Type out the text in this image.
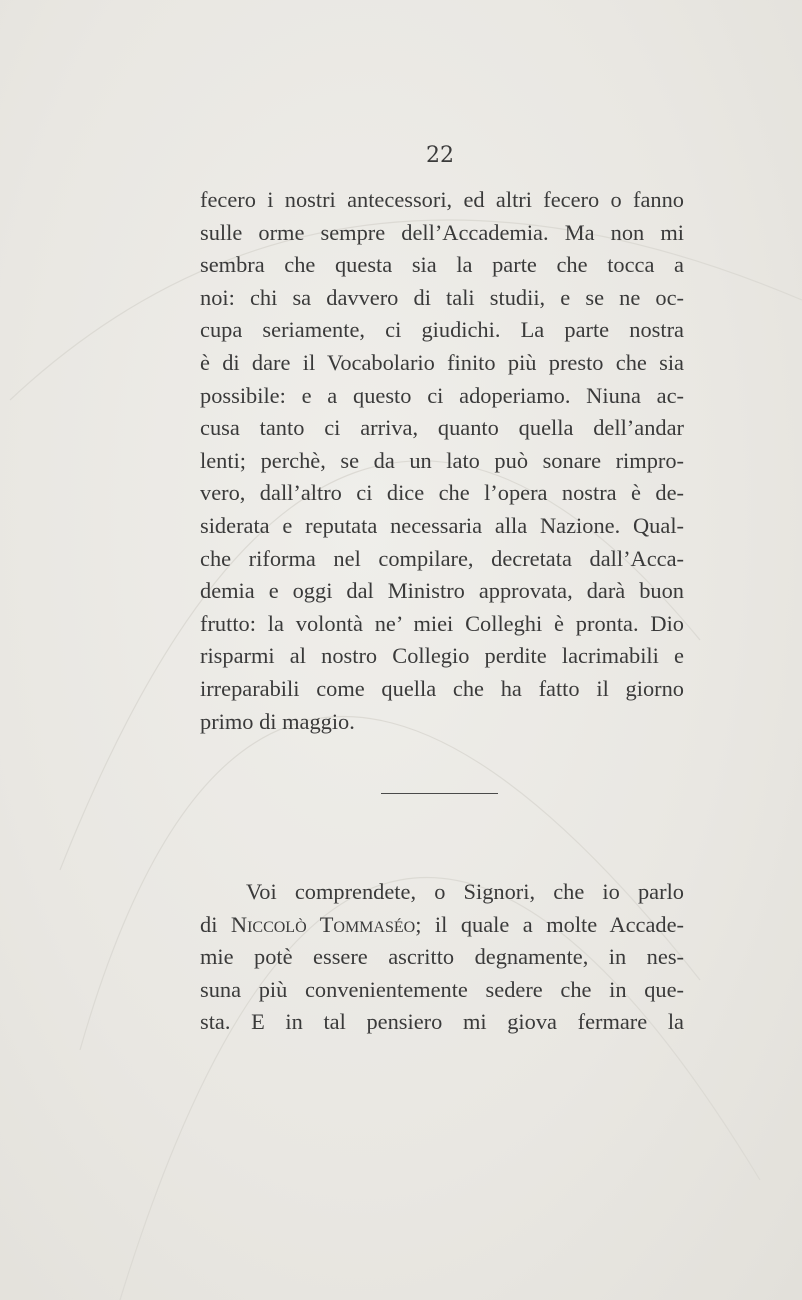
22
fecero i nostri antecessori, ed altri fecero o fanno
sulle orme sempre dell’Accademia. Ma non mi
sembra che questa sia la parte che tocca a
noi: chi sa davvero di tali studii, e se ne oc-
cupa seriamente, ci giudichi. La parte nostra
è di dare il Vocabolario finito più presto che sia
possibile: e a questo ci adoperiamo. Niuna ac-
cusa tanto ci arriva, quanto quella dell’andar
lenti; perchè, se da un lato può sonare rimpro-
vero, dall’altro ci dice che l’opera nostra è de-
siderata e reputata necessaria alla Nazione. Qual-
che riforma nel compilare, decretata dall’Acca-
demia e oggi dal Ministro approvata, darà buon
frutto: la volontà ne’ miei Colleghi è pronta. Dio
risparmi al nostro Collegio perdite lacrimabili e
irreparabili come quella che ha fatto il giorno
primo di maggio.
Voi comprendete, o Signori, che io parlo
di Niccolò Tommaséo; il quale a molte Accade-
mie potè essere ascritto degnamente, in nes-
suna più convenientemente sedere che in que-
sta. E in tal pensiero mi giova fermare la
